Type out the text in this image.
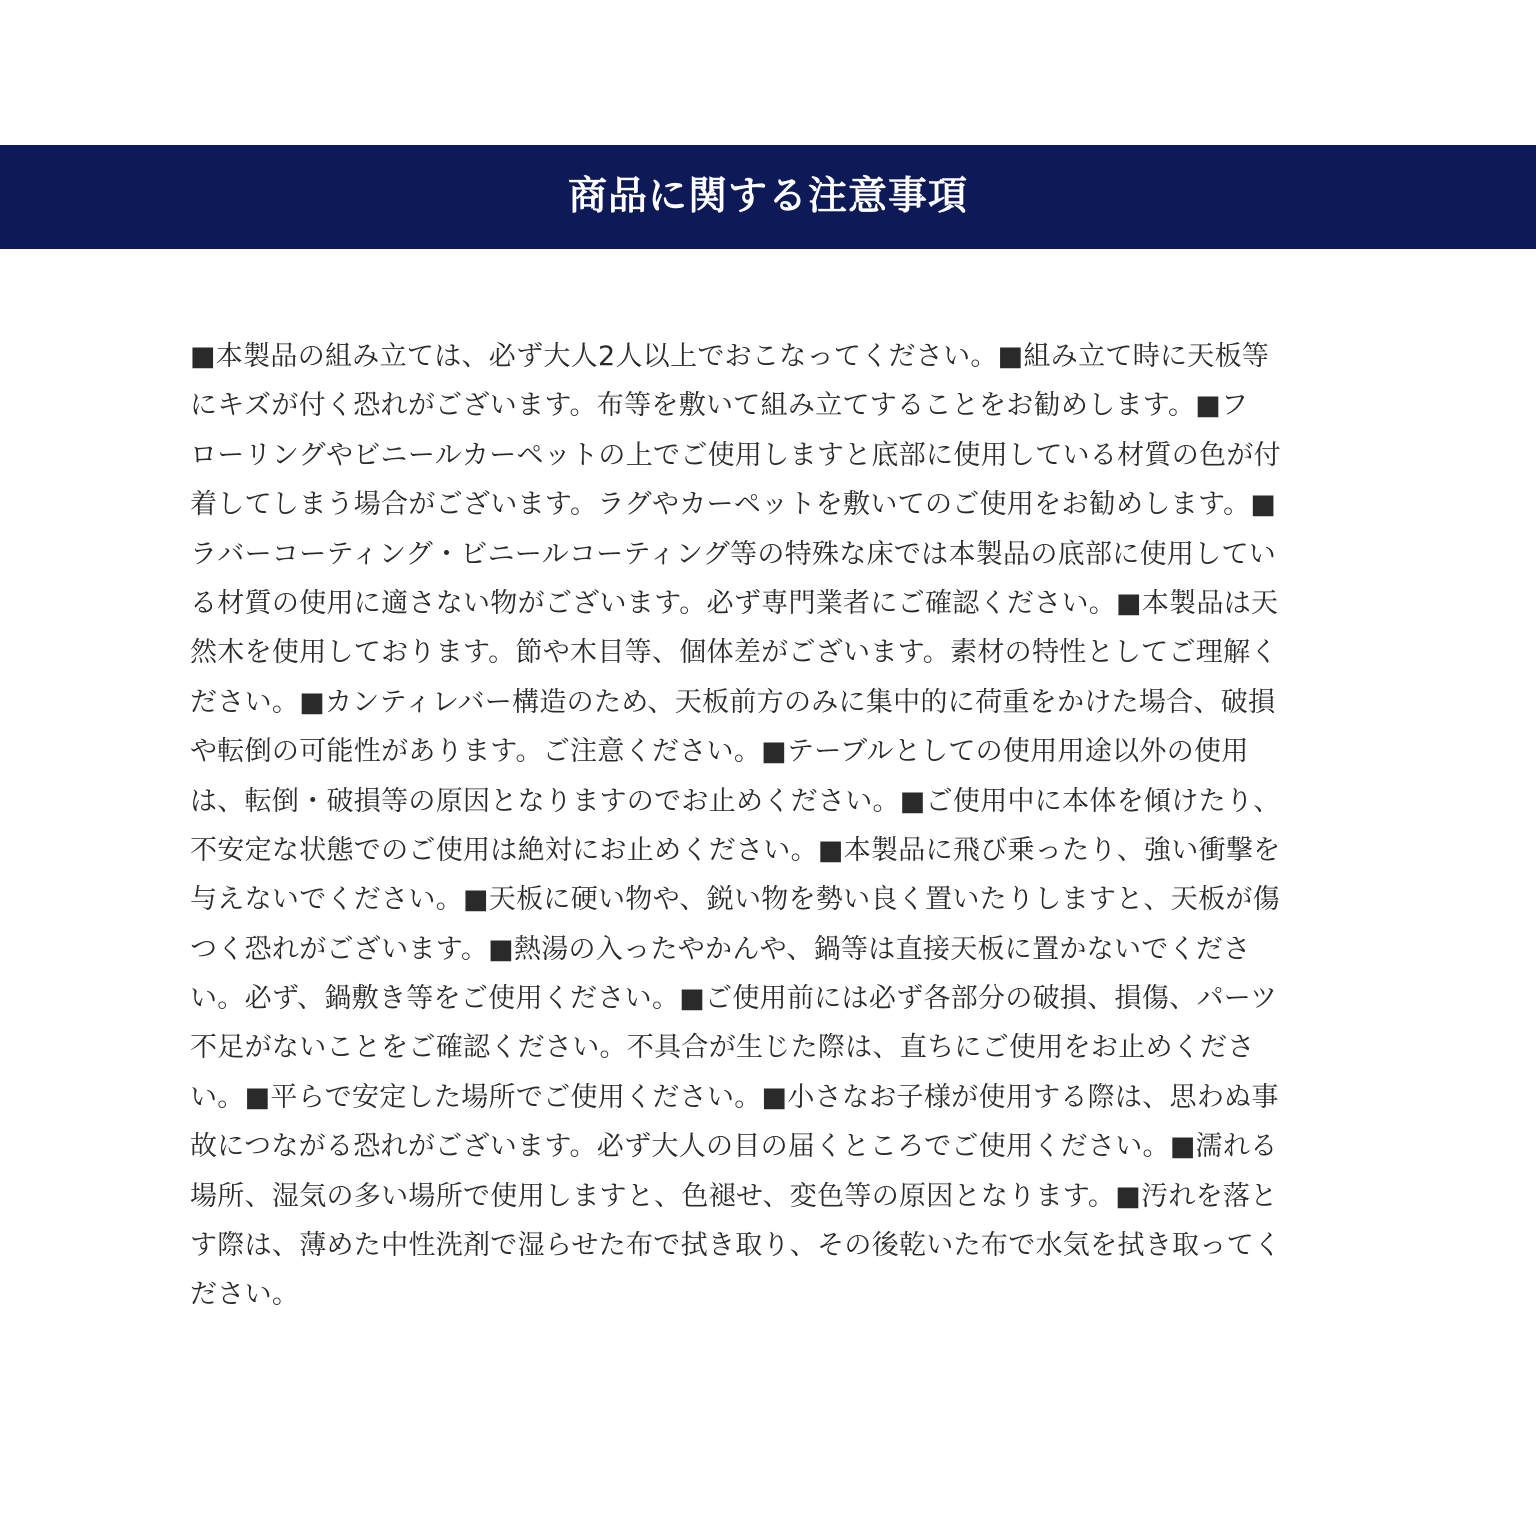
商品に関する注意事項
■本製品の組み立ては、必ず大人2人以上でおこなってください。■組み立て時に天板等
にキズが付く恐れがございます。布等を敷いて組み立てすることをお勧めします。■フ
ローリングやビニールカーペットの上でご使用しますと底部に使用している材質の色が付
着してしまう場合がございます。ラグやカーペットを敷いてのご使用をお勧めします。■
ラバーコーティング・ビニールコーティング等の特殊な床では本製品の底部に使用してい
る材質の使用に適さない物がございます。必ず専門業者にご確認ください。■本製品は天
然木を使用しております。節や木目等、個体差がございます。素材の特性としてご理解く
ださい。■カンティレバー構造のため、天板前方のみに集中的に荷重をかけた場合、破損
や転倒の可能性があります。ご注意ください。■テーブルとしての使用用途以外の使用
は、転倒・破損等の原因となりますのでお止めください。■ご使用中に本体を傾けたり、
不安定な状態でのご使用は絶対にお止めください。■本製品に飛び乗ったり、強い衝撃を
与えないでください。■天板に硬い物や、鋭い物を勢い良く置いたりしますと、天板が傷
つく恐れがございます。■熱湯の入ったやかんや、鍋等は直接天板に置かないでくださ
い。必ず、鍋敷き等をご使用ください。■ご使用前には必ず各部分の破損、損傷、パーツ
不足がないことをご確認ください。不具合が生じた際は、直ちにご使用をお止めくださ
い。■平らで安定した場所でご使用ください。■小さなお子様が使用する際は、思わぬ事
故につながる恐れがございます。必ず大人の目の届くところでご使用ください。■濡れる
場所、湿気の多い場所で使用しますと、色褪せ、変色等の原因となります。■汚れを落と
す際は、薄めた中性洗剤で湿らせた布で拭き取り、その後乾いた布で水気を拭き取ってく
ださい。
